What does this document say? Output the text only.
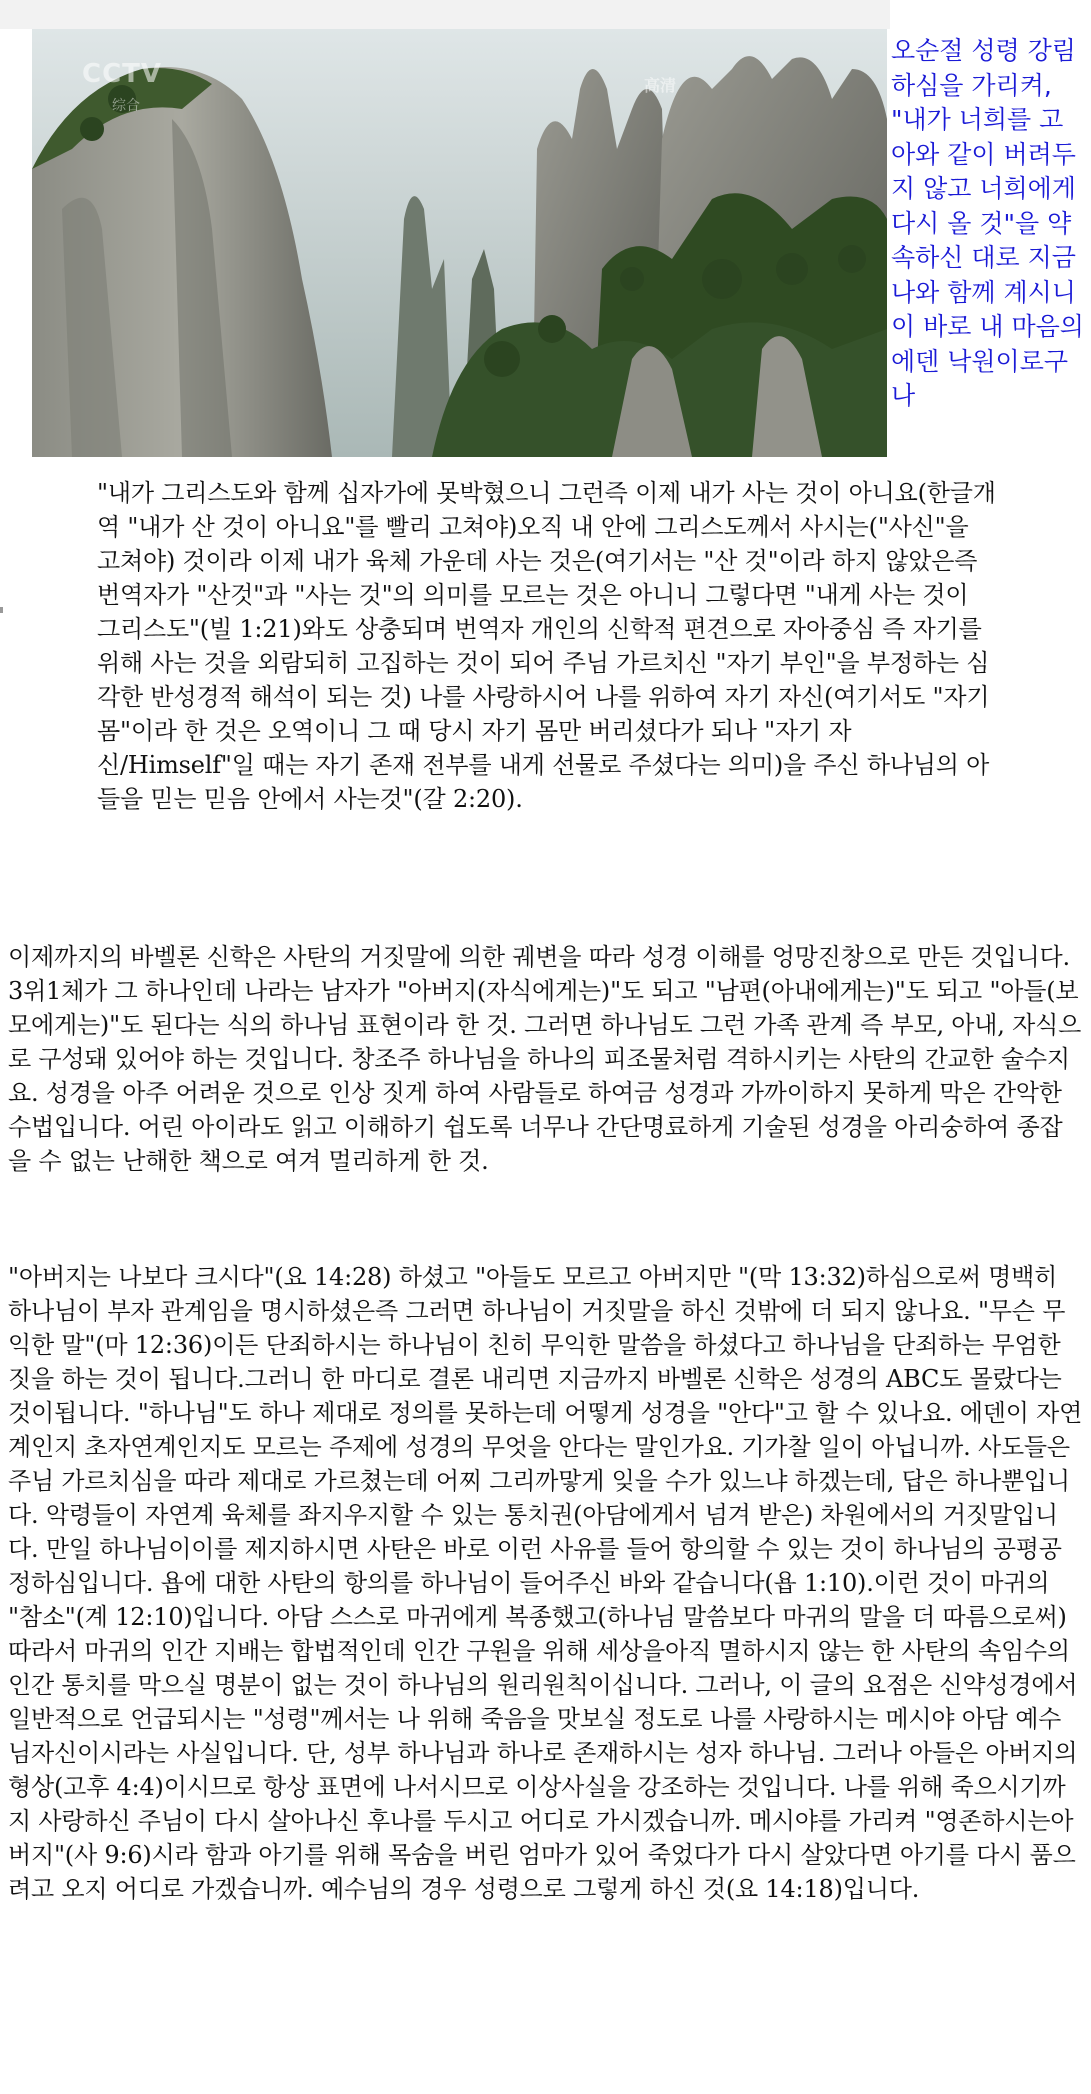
CCTV
综合
高清

오순절 성령 강림하심을 가리켜, "내가 너희를 고아와 같이 버려두지 않고 너희에게 다시 올 것"을 약속하신 대로 지금 나와 함께 계시니 이 바로 내 마음의 에덴 낙원이로구나

"내가 그리스도와 함께 십자가에 못박혔으니 그런즉 이제 내가 사는 것이 아니요(한글개역 "내가 산 것이 아니요"를 빨리 고쳐야)오직 내 안에 그리스도께서 사시는("사신"을 고쳐야) 것이라 이제 내가 육체 가운데 사는 것은(여기서는 "산 것"이라 하지 않았은즉 번역자가 "산것"과 "사는 것"의 의미를 모르는 것은 아니니 그렇다면 "내게 사는 것이 그리스도"(빌 1:21)와도 상충되며 번역자 개인의 신학적 편견으로 자아중심 즉 자기를 위해 사는 것을 외람되히 고집하는 것이 되어 주님 가르치신 "자기 부인"을 부정하는 심각한 반성경적 해석이 되는 것) 나를 사랑하시어 나를 위하여 자기 자신(여기서도 "자기 몸"이라 한 것은 오역이니 그 때 당시 자기 몸만 버리셨다가 되나 "자기 자신/Himself"일 때는 자기 존재 전부를 내게 선물로 주셨다는 의미)을 주신 하나님의 아들을 믿는 믿음 안에서 사는것"(갈 2:20).

이제까지의 바벨론 신학은 사탄의 거짓말에 의한 궤변을 따라 성경 이해를 엉망진창으로 만든 것입니다. 3위1체가 그 하나인데 나라는 남자가 "아버지(자식에게는)"도 되고 "남편(아내에게는)"도 되고 "아들(보모에게는)"도 된다는 식의 하나님 표현이라 한 것. 그러면 하나님도 그런 가족 관계 즉 부모, 아내, 자식으로 구성돼 있어야 하는 것입니다. 창조주 하나님을 하나의 피조물처럼 격하시키는 사탄의 간교한 술수지요. 성경을 아주 어려운 것으로 인상 짓게 하여 사람들로 하여금 성경과 가까이하지 못하게 막은 간악한 수법입니다. 어린 아이라도 읽고 이해하기 쉽도록 너무나 간단명료하게 기술된 성경을 아리숭하여 종잡을 수 없는 난해한 책으로 여겨 멀리하게 한 것.

"아버지는 나보다 크시다"(요 14:28) 하셨고 "아들도 모르고 아버지만 "(막 13:32)하심으로써 명백히 하나님이 부자 관계임을 명시하셨은즉 그러면 하나님이 거짓말을 하신 것밖에 더 되지 않나요. "무슨 무익한 말"(마 12:36)이든 단죄하시는 하나님이 친히 무익한 말씀을 하셨다고 하나님을 단죄하는 무엄한 짓을 하는 것이 됩니다.그러니 한 마디로 결론 내리면 지금까지 바벨론 신학은 성경의 ABC도 몰랐다는 것이됩니다. "하나님"도 하나 제대로 정의를 못하는데 어떻게 성경을 "안다"고 할 수 있나요. 에덴이 자연계인지 초자연계인지도 모르는 주제에 성경의 무엇을 안다는 말인가요. 기가찰 일이 아닙니까. 사도들은 주님 가르치심을 따라 제대로 가르쳤는데 어찌 그리까맣게 잊을 수가 있느냐 하겠는데, 답은 하나뿐입니다. 악령들이 자연계 육체를 좌지우지할 수 있는 통치권(아담에게서 넘겨 받은) 차원에서의 거짓말입니다. 만일 하나님이이를 제지하시면 사탄은 바로 이런 사유를 들어 항의할 수 있는 것이 하나님의 공평공정하심입니다. 욥에 대한 사탄의 항의를 하나님이 들어주신 바와 같습니다(욥 1:10).이런 것이 마귀의 "참소"(계 12:10)입니다. 아담 스스로 마귀에게 복종했고(하나님 말씀보다 마귀의 말을 더 따름으로써) 따라서 마귀의 인간 지배는 합법적인데 인간 구원을 위해 세상을아직 멸하시지 않는 한 사탄의 속임수의 인간 통치를 막으실 명분이 없는 것이 하나님의 원리원칙이십니다. 그러나, 이 글의 요점은 신약성경에서 일반적으로 언급되시는 "성령"께서는 나 위해 죽음을 맛보실 정도로 나를 사랑하시는 메시야 아담 예수님자신이시라는 사실입니다. 단, 성부 하나님과 하나로 존재하시는 성자 하나님. 그러나 아들은 아버지의 형상(고후 4:4)이시므로 항상 표면에 나서시므로 이상사실을 강조하는 것입니다. 나를 위해 죽으시기까지 사랑하신 주님이 다시 살아나신 후나를 두시고 어디로 가시겠습니까. 메시야를 가리켜 "영존하시는아버지"(사 9:6)시라 함과 아기를 위해 목숨을 버린 엄마가 있어 죽었다가 다시 살았다면 아기를 다시 품으려고 오지 어디로 가겠습니까. 예수님의 경우 성령으로 그렇게 하신 것(요 14:18)입니다.
